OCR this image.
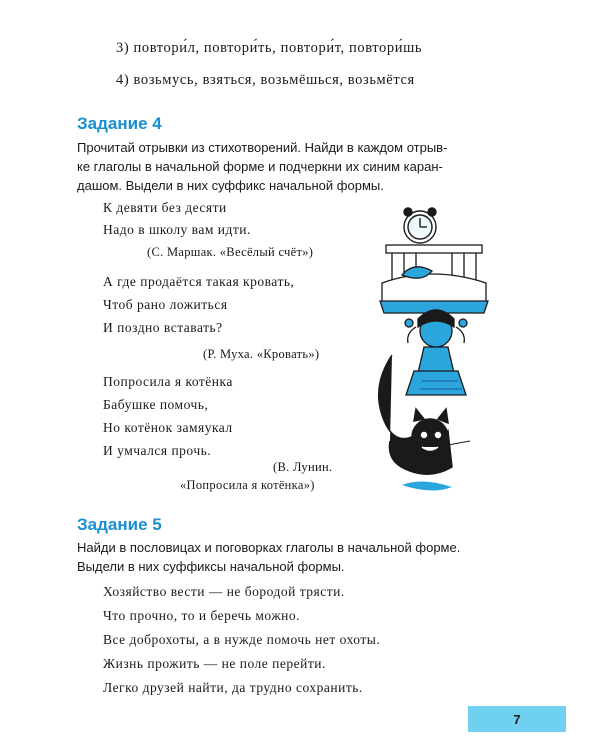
3) повтори́л, повтори́ть, повтори́т, повтори́шь
4) возьмусь, взяться, возьмёшься, возьмётся
Задание 4
Прочитай отрывки из стихотворений. Найди в каждом отрыв-
ке глаголы в начальной форме и подчеркни их синим каран-
дашом. Выдели в них суффикс начальной формы.
К девяти без десяти
Надо в школу вам идти.
(С. Маршак. «Весёлый счёт»)
А где продаётся такая кровать,
Чтоб рано ложиться
И поздно вставать?
(Р. Муха. «Кровать»)
Попросила я котёнка
Бабушке помочь,
Но котёнок замяукал
И умчался прочь.
(В. Лунин.
«Попросила я котёнка»)
Задание 5
Найди в пословицах и поговорках глаголы в начальной форме.
Выдели в них суффиксы начальной формы.
Хозяйство вести — не бородой трясти.
Что прочно, то и беречь можно.
Все доброхоты, а в нужде помочь нет охоты.
Жизнь прожить — не поле перейти.
Легко друзей найти, да трудно сохранить.
7
